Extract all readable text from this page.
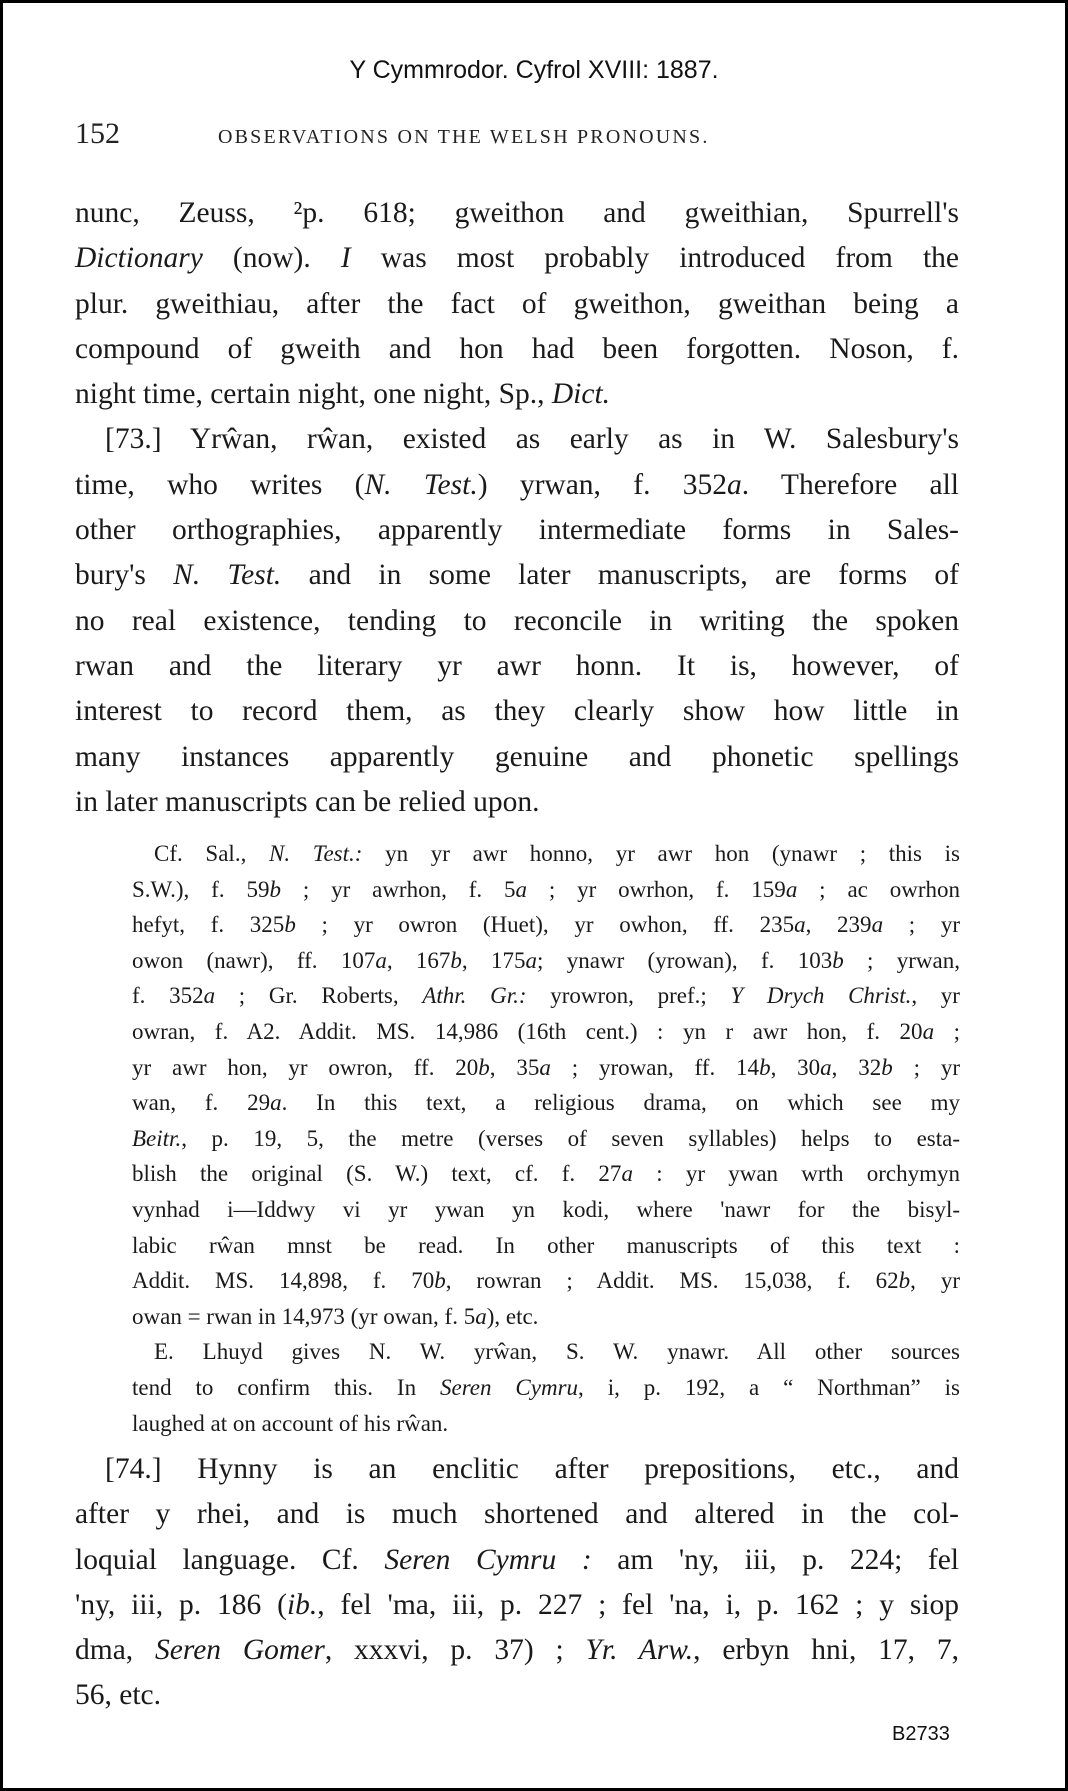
Y Cymmrodor. Cyfrol XVIII: 1887.
152	OBSERVATIONS ON THE WELSH PRONOUNS.
nunc, Zeuss, ²p. 618; gweithon and gweithian, Spurrell's
Dictionary (now). I was most probably introduced from the
plur. gweithiau, after the fact of gweithon, gweithan being a
compound of gweith and hon had been forgotten. Noson, f.
night time, certain night, one night, Sp., Dict.
[73.] Yrŵan, rŵan, existed as early as in W. Salesbury's
time, who writes (N. Test.) yrwan, f. 352a. Therefore all
other orthographies, apparently intermediate forms in Sales-
bury's N. Test. and in some later manuscripts, are forms of
no real existence, tending to reconcile in writing the spoken
rwan and the literary yr awr honn. It is, however, of
interest to record them, as they clearly show how little in
many instances apparently genuine and phonetic spellings
in later manuscripts can be relied upon.
Cf. Sal., N. Test.: yn yr awr honno, yr awr hon (ynawr ; this is
S.W.), f. 59b ; yr awrhon, f. 5a ; yr owrhon, f. 159a ; ac owrhon
hefyt, f. 325b ; yr owron (Huet), yr owhon, ff. 235a, 239a ; yr
owon (nawr), ff. 107a, 167b, 175a; ynawr (yrowan), f. 103b ; yrwan,
f. 352a ; Gr. Roberts, Athr. Gr.: yrowron, pref.; Y Drych Christ., yr
owran, f. A2. Addit. MS. 14,986 (16th cent.) : yn r awr hon, f. 20a ;
yr awr hon, yr owron, ff. 20b, 35a ; yrowan, ff. 14b, 30a, 32b ; yr
wan, f. 29a. In this text, a religious drama, on which see my
Beitr., p. 19, 5, the metre (verses of seven syllables) helps to esta-
blish the original (S. W.) text, cf. f. 27a : yr ywan wrth orchymyn
vynhad i—Iddwy vi yr ywan yn kodi, where 'nawr for the bisyl-
labic rŵan mnst be read. In other manuscripts of this text :
Addit. MS. 14,898, f. 70b, rowran ; Addit. MS. 15,038, f. 62b, yr
owan = rwan in 14,973 (yr owan, f. 5a), etc.
E. Lhuyd gives N. W. yrŵan, S. W. ynawr. All other sources
tend to confirm this. In Seren Cymru, i, p. 192, a “ Northman” is
laughed at on account of his rŵan.
[74.] Hynny is an enclitic after prepositions, etc., and
after y rhei, and is much shortened and altered in the col-
loquial language. Cf. Seren Cymru : am 'ny, iii, p. 224; fel
'ny, iii, p. 186 (ib., fel 'ma, iii, p. 227 ; fel 'na, i, p. 162 ; y siop
dma, Seren Gomer, xxxvi, p. 37) ; Yr. Arw., erbyn hni, 17, 7,
56, etc.
B2733
